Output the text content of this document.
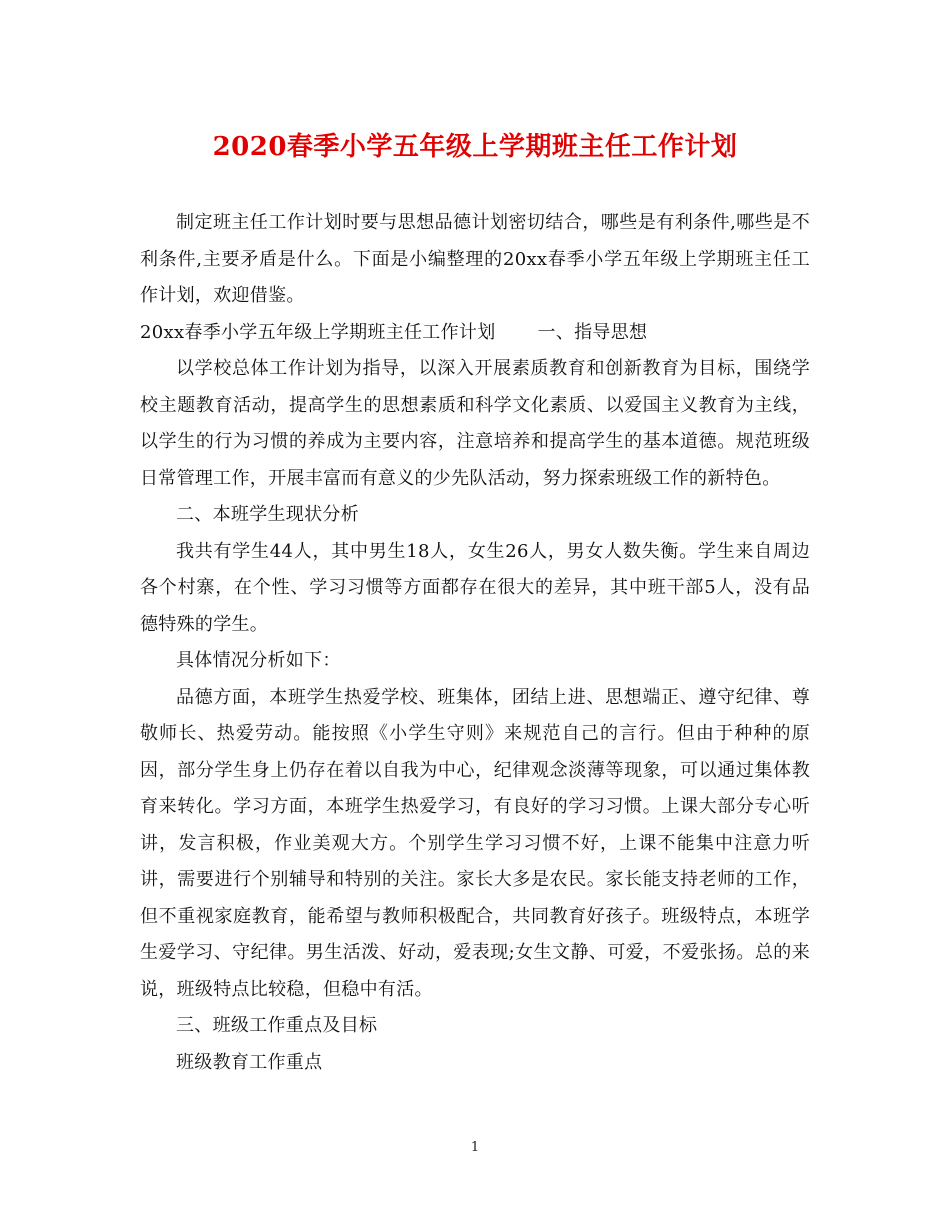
2020春季小学五年级上学期班主任工作计划

制定班主任工作计划时要与思想品德计划密切结合，哪些是有利条件,哪些是不利条件,主要矛盾是什么。下面是小编整理的20xx春季小学五年级上学期班主任工作计划，欢迎借鉴。

20xx春季小学五年级上学期班主任工作计划 一、指导思想

以学校总体工作计划为指导，以深入开展素质教育和创新教育为目标，围绕学校主题教育活动，提高学生的思想素质和科学文化素质、以爱国主义教育为主线，以学生的行为习惯的养成为主要内容，注意培养和提高学生的基本道德。规范班级日常管理工作，开展丰富而有意义的少先队活动，努力探索班级工作的新特色。

二、本班学生现状分析

我共有学生44人，其中男生18人，女生26人，男女人数失衡。学生来自周边各个村寨，在个性、学习习惯等方面都存在很大的差异，其中班干部5人，没有品德特殊的学生。

具体情况分析如下：

品德方面，本班学生热爱学校、班集体，团结上进、思想端正、遵守纪律、尊敬师长、热爱劳动。能按照《小学生守则》来规范自己的言行。但由于种种的原因，部分学生身上仍存在着以自我为中心，纪律观念淡薄等现象，可以通过集体教育来转化。学习方面，本班学生热爱学习，有良好的学习习惯。上课大部分专心听讲，发言积极，作业美观大方。个别学生学习习惯不好，上课不能集中注意力听讲，需要进行个别辅导和特别的关注。家长大多是农民。家长能支持老师的工作，但不重视家庭教育，能希望与教师积极配合，共同教育好孩子。班级特点，本班学生爱学习、守纪律。男生活泼、好动，爱表现;女生文静、可爱，不爱张扬。总的来说，班级特点比较稳，但稳中有活。

三、班级工作重点及目标

班级教育工作重点

1
